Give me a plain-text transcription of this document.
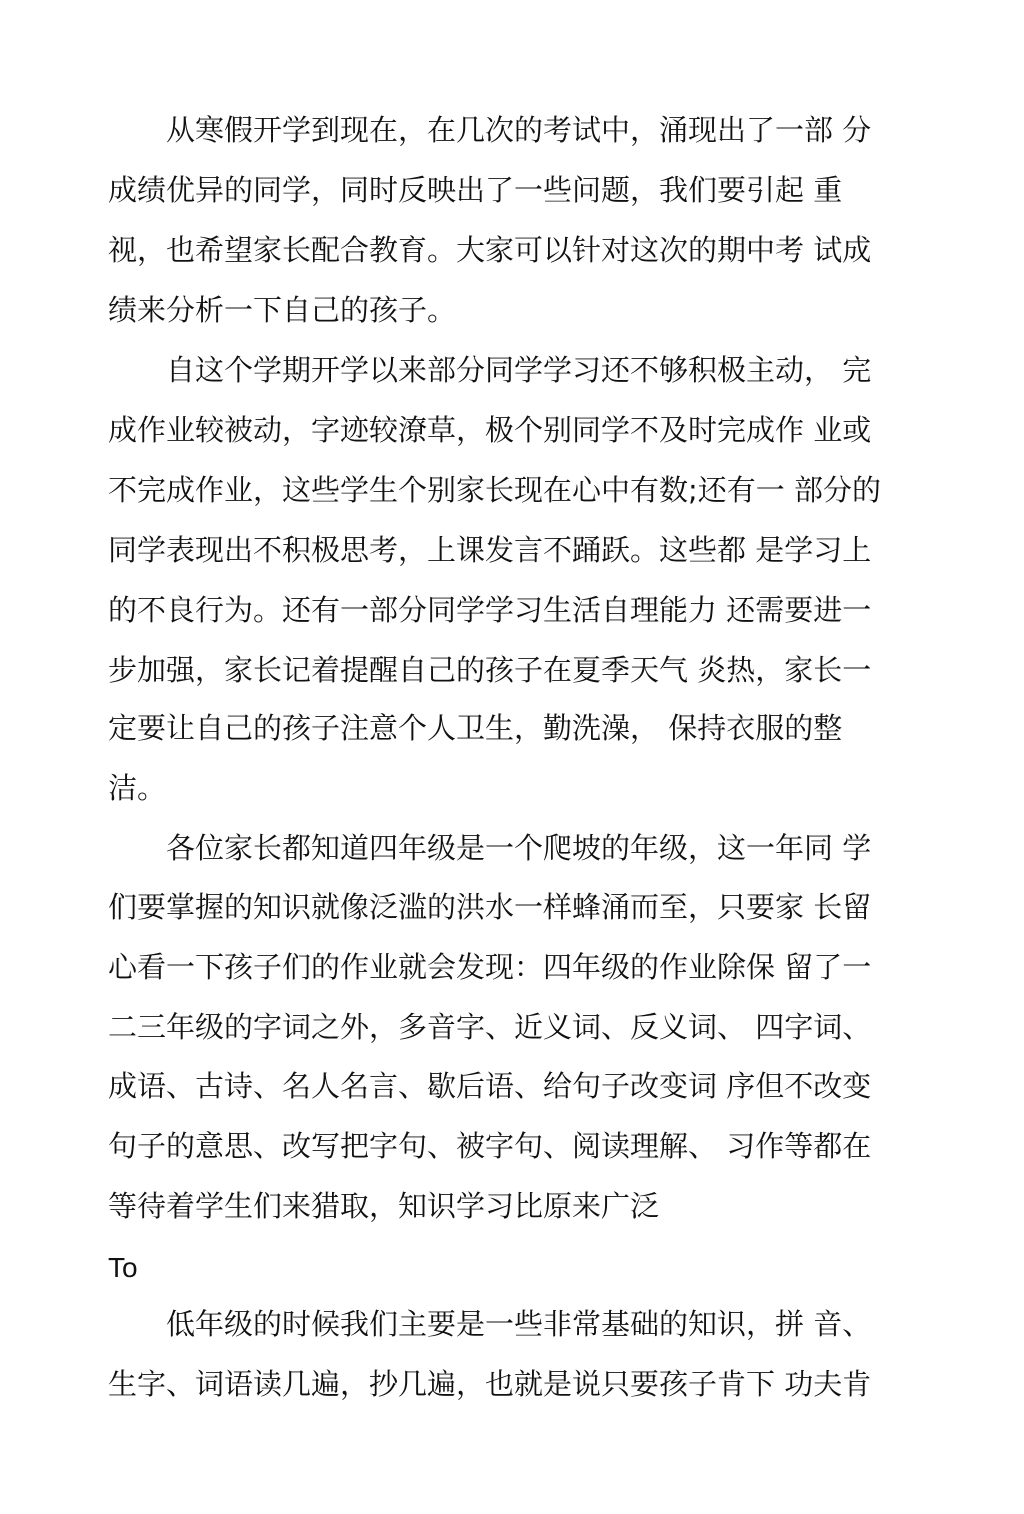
　　从寒假开学到现在，在几次的考试中，涌现出了一部 分
成绩优异的同学，同时反映出了一些问题，我们要引起 重
视，也希望家长配合教育。大家可以针对这次的期中考 试成
绩来分析一下自己的孩子。
　　自这个学期开学以来部分同学学习还不够积极主动， 完
成作业较被动，字迹较潦草，极个别同学不及时完成作 业或
不完成作业，这些学生个别家长现在心中有数;还有一 部分的
同学表现出不积极思考，上课发言不踊跃。这些都 是学习上
的不良行为。还有一部分同学学习生活自理能力 还需要进一
步加强，家长记着提醒自己的孩子在夏季天气 炎热，家长一
定要让自己的孩子注意个人卫生，勤洗澡， 保持衣服的整
洁。
　　各位家长都知道四年级是一个爬坡的年级，这一年同 学
们要掌握的知识就像泛滥的洪水一样蜂涌而至，只要家 长留
心看一下孩子们的作业就会发现：四年级的作业除保 留了一
二三年级的字词之外，多音字、近义词、反义词、 四字词、
成语、古诗、名人名言、歇后语、给句子改变词 序但不改变
句子的意思、改写把字句、被字句、阅读理解、 习作等都在
等待着学生们来猎取，知识学习比原来广泛
To
　　低年级的时候我们主要是一些非常基础的知识，拼 音、
生字、词语读几遍，抄几遍，也就是说只要孩子肯下 功夫肯
